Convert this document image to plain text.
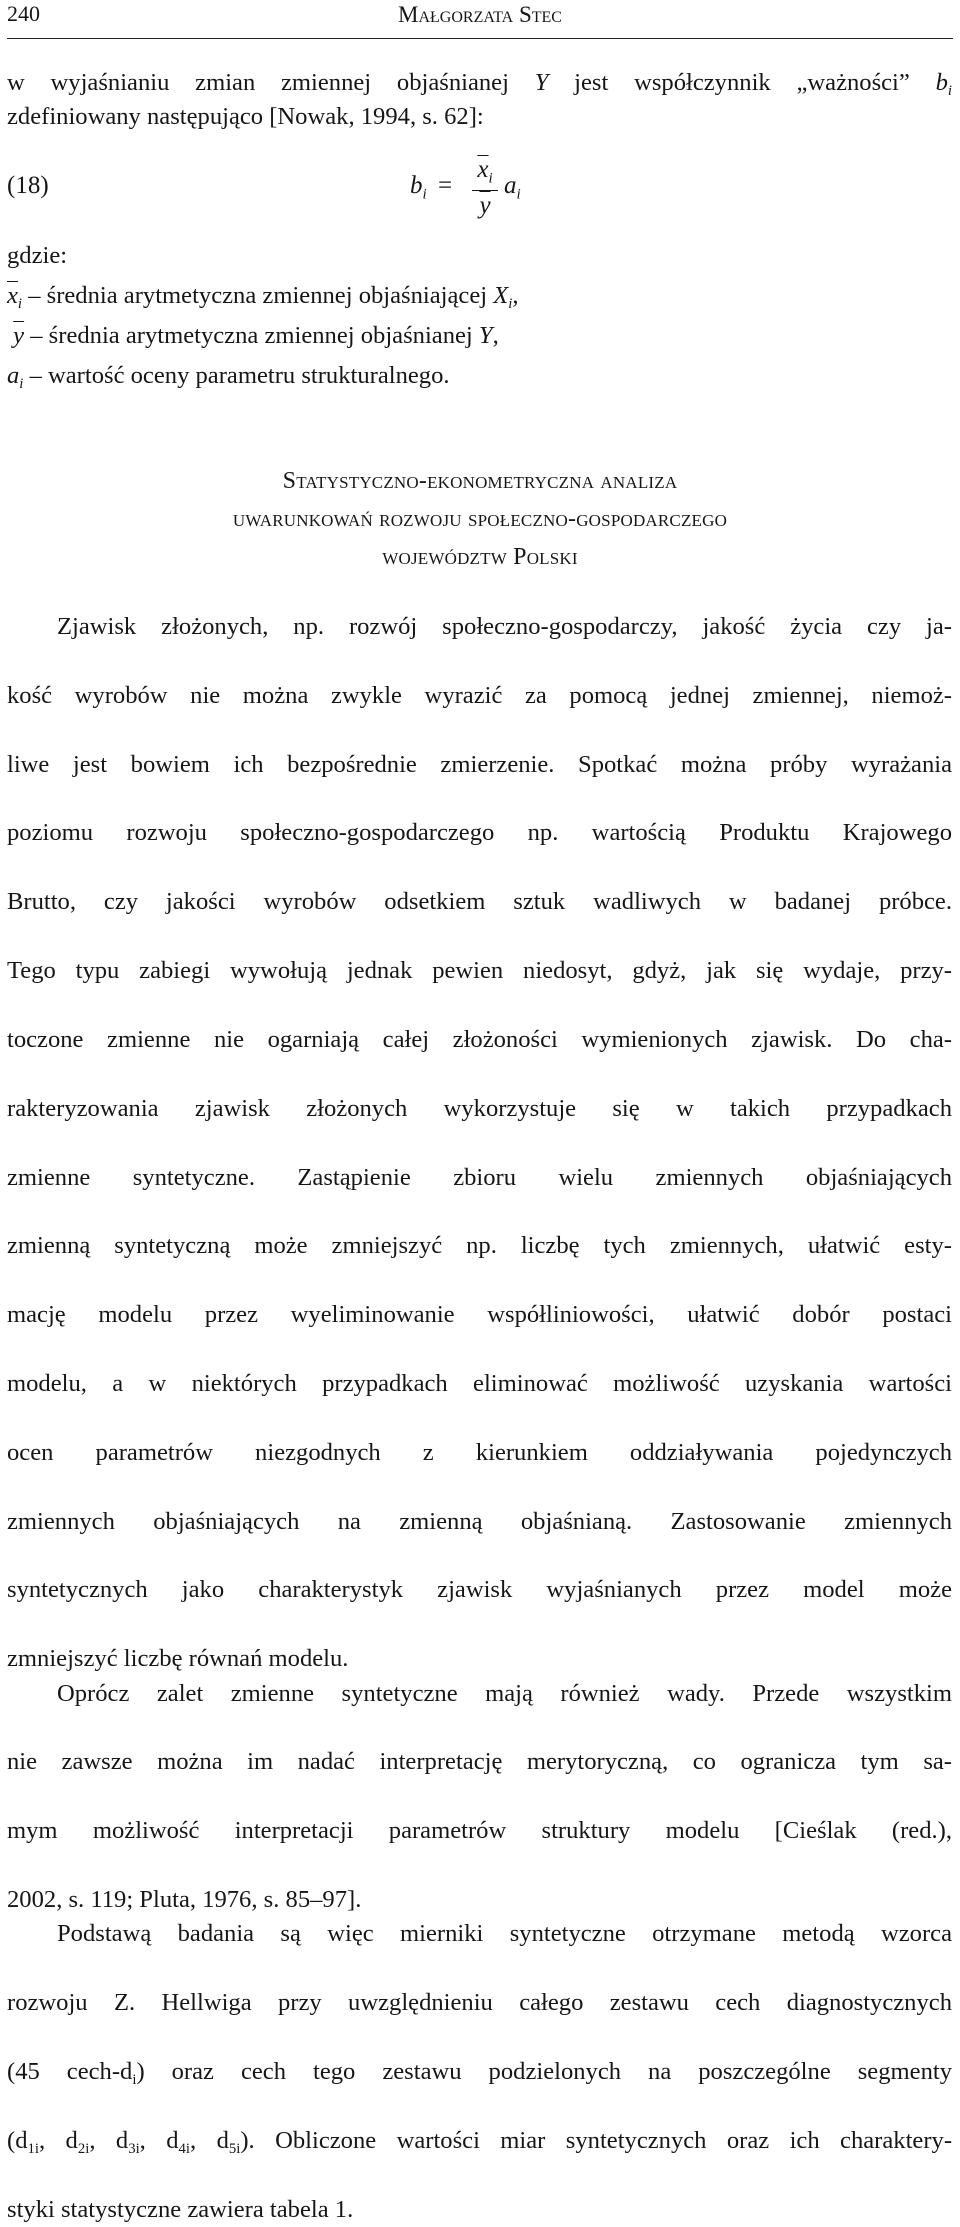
240	Małgorzata Stec
w wyjaśnianiu zmian zmiennej objaśnianej Y jest współczynnik „ważności” $b_i$
zdefiniowany następująco [Nowak, 1994, s. 62]:
(18)	$b_i$ =
$\overline{x}_i$
$\overline{y}$
$a_i$
gdzie:
$\overline{x}_i$ – średnia arytmetyczna zmiennej objaśniającej $X_i$,
$\overline{y}$ – średnia arytmetyczna zmiennej objaśnianej Y,
$a_i$ – wartość oceny parametru strukturalnego.
Statystyczno-ekonometryczna analiza
uwarunkowań rozwoju społeczno-gospodarczego
województw Polski
Zjawisk złożonych, np. rozwój społeczno-gospodarczy, jakość życia czy ja-
kość wyrobów nie można zwykle wyrazić za pomocą jednej zmiennej, niemoż-
liwe jest bowiem ich bezpośrednie zmierzenie. Spotkać można próby wyrażania
poziomu rozwoju społeczno-gospodarczego np. wartością Produktu Krajowego
Brutto, czy jakości wyrobów odsetkiem sztuk wadliwych w badanej próbce.
Tego typu zabiegi wywołują jednak pewien niedosyt, gdyż, jak się wydaje, przy-
toczone zmienne nie ogarniają całej złożoności wymienionych zjawisk. Do cha-
rakteryzowania zjawisk złożonych wykorzystuje się w takich przypadkach
zmienne syntetyczne. Zastąpienie zbioru wielu zmiennych objaśniających
zmienną syntetyczną może zmniejszyć np. liczbę tych zmiennych, ułatwić esty-
mację modelu przez wyeliminowanie współliniowości, ułatwić dobór postaci
modelu, a w niektórych przypadkach eliminować możliwość uzyskania wartości
ocen parametrów niezgodnych z kierunkiem oddziaływania pojedynczych
zmiennych objaśniających na zmienną objaśnianą. Zastosowanie zmiennych
syntetycznych jako charakterystyk zjawisk wyjaśnianych przez model może
zmniejszyć liczbę równań modelu.
Oprócz zalet zmienne syntetyczne mają również wady. Przede wszystkim
nie zawsze można im nadać interpretację merytoryczną, co ogranicza tym sa-
mym możliwość interpretacji parametrów struktury modelu [Cieślak (red.),
2002, s. 119; Pluta, 1976, s. 85–97].
Podstawą badania są więc mierniki syntetyczne otrzymane metodą wzorca
rozwoju Z. Hellwiga przy uwzględnieniu całego zestawu cech diagnostycznych
(45 cech-$d_i$) oraz cech tego zestawu podzielonych na poszczególne segmenty
($d_{1i}$, $d_{2i}$, $d_{3i}$, $d_{4i}$, $d_{5i}$). Obliczone wartości miar syntetycznych oraz ich charaktery-
styki statystyczne zawiera tabela 1.
